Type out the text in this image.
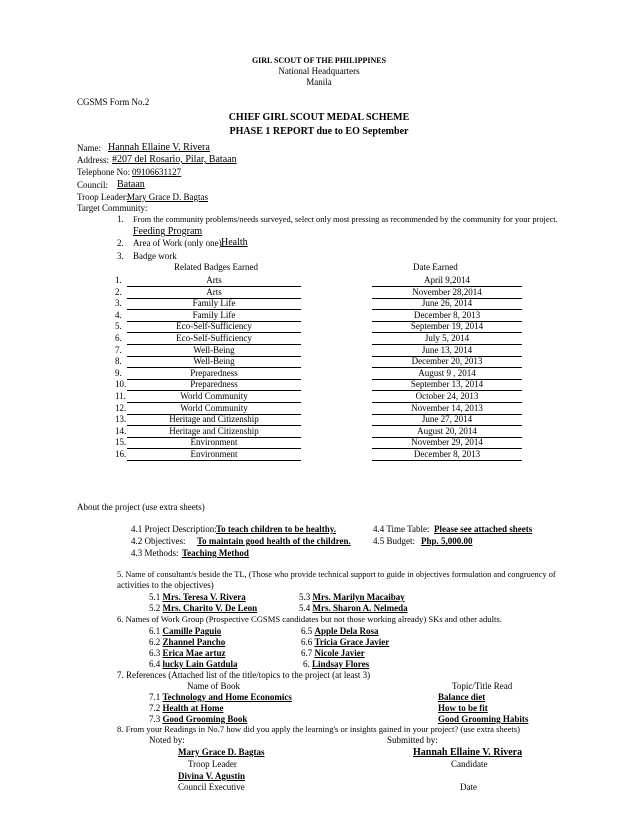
GIRL SCOUT OF THE PHILIPPINES
National Headquarters
Manila
CGSMS Form No.2
CHIEF GIRL SCOUT MEDAL SCHEME
PHASE 1 REPORT due to EO September
Name: Hannah Ellaine V. Rivera
Address: #207 del Rosario, Pilar, Bataan
Telephone No: 09106631127
Council: Bataan
Troop Leader:
Mary Grace D. Bagtas
Target Community:
1. From the community problems/needs surveyed, select only most pressing as recommended by the community for your project.
Feeding Program
2. Area of Work (only one):
Health
3. Badge work
Related Badges Earned	Date Earned
1.	Arts	April 9,2014
2.	Arts	November 28,2014
3.	Family Life	June 26, 2014
4.	Family Life	December 8, 2013
5.	Eco-Self-Sufficiency	September 19, 2014
6.	Eco-Self-Sufficiency	July 5, 2014
7.	Well-Being	June 13, 2014
8.	Well-Being	December 20, 2013
9.	Preparedness	August 9 , 2014
10.	Preparedness	September 13, 2014
11.	World Community	October 24, 2013
12.	World Community	November 14, 2013
13.	Heritage and Citizenship	June 27, 2014
14.	Heritage and Citizenship	August 20, 2014
15.	Environment	November 29, 2014
16.	Environment	December 8, 2013
About the project (use extra sheets)
4.1 Project Description: To teach children to be healthy.	4.4 Time Table: Please see attached sheets
4.2 Objectives: To maintain good health of the children. 4.5 Budget: Php. 5,000.00
4.3 Methods: Teaching Method
5. Name of consultant/s beside the TL, (Those who provide technical support to guide in objectives formulation and congruency of
activities to the objectives)
5.1 Mrs. Teresa V. Rivera	5.3 Mrs. Marilyn Macaibay
5.2 Mrs. Charito V. De Leon	5.4 Mrs. Sharon A. Nelmeda
6. Names of Work Group (Prospective CGSMS candidates but not those working already) SKs and other adults.
6.1 Camille Paguio	6.5 Apple Dela Rosa
6.2 Zhannel Pancho	6.6 Tricia Grace Javier
6.3 Erica Mae artuz	6.7 Nicole Javier
6.4 lucky Lain Gatdula	6. Lindsay Flores
7. References (Attached list of the title/topics to the project (at least 3)
Name of Book	Topic/Title Read
7.1 Technology and Home Economics	Balance diet
7.2 Health at Home	How to be fit
7.3 Good Grooming Book	Good Grooming Habits
8. From your Readings in No.7 how did you apply the learning's or insights gained in your project? (use extra sheets)
Noted by:	Submitted by:
Mary Grace D. Bagtas	Hannah Ellaine V. Rivera
Troop Leader	Candidate
Divina V. Agustin
Council Executive	Date
